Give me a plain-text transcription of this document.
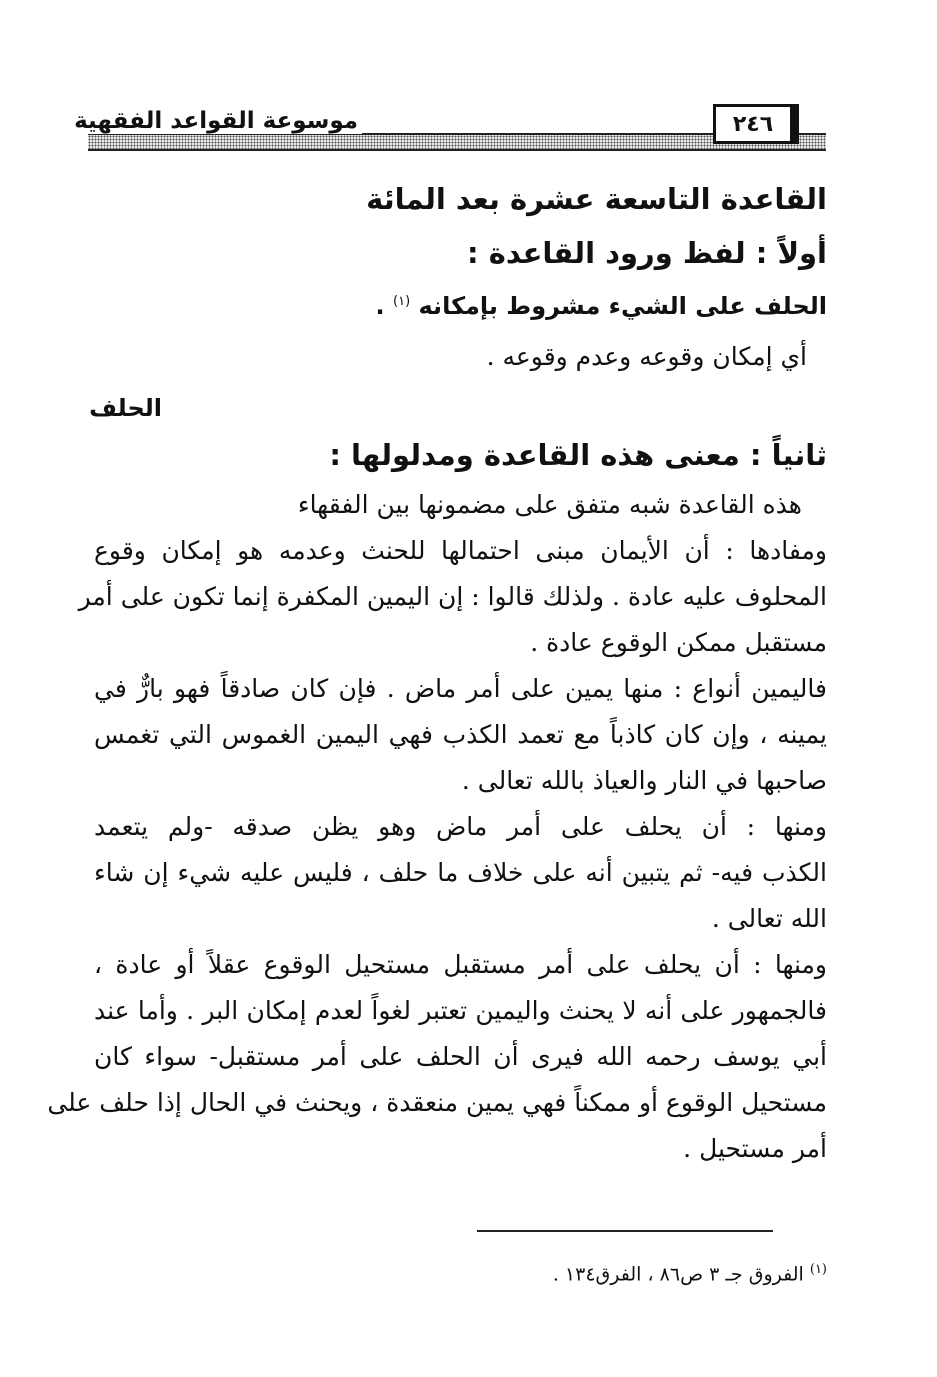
٢٤٦
موسوعة القواعد الفقهية
القاعدة التاسعة عشرة بعد المائة
أولاً : لفظ ورود القاعدة :
الحلف على الشيء مشروط بإمكانه $^{(١)}$ .
أي إمكان وقوعه وعدم وقوعه .
الحلف
ثانياً : معنى هذه القاعدة ومدلولها :
هذه القاعدة شبه متفق على مضمونها بين الفقهاء
ومفادها : أن الأيمان مبنى احتمالها للحنث وعدمه هو إمكان وقوع
المحلوف عليه عادة . ولذلك قالوا : إن اليمين المكفرة إنما تكون على أمر
مستقبل ممكن الوقوع عادة .
فاليمين أنواع : منها يمين على أمر ماض . فإن كان صادقاً فهو بارٌّ في
يمينه ، وإن كان كاذباً مع تعمد الكذب فهي اليمين الغموس التي تغمس
صاحبها في النار والعياذ بالله تعالى .
ومنها : أن يحلف على أمر ماض وهو يظن صدقه -ولم يتعمد
الكذب فيه- ثم يتبين أنه على خلاف ما حلف ، فليس عليه شيء إن شاء
الله تعالى .
ومنها : أن يحلف على أمر مستقبل مستحيل الوقوع عقلاً أو عادة ،
فالجمهور على أنه لا يحنث واليمين تعتبر لغواً لعدم إمكان البر . وأما عند
أبي يوسف رحمه الله فيرى أن الحلف على أمر مستقبل- سواء كان
مستحيل الوقوع أو ممكناً فهي يمين منعقدة ، ويحنث في الحال إذا حلف على
أمر مستحيل .
$^{(١)}$ الفروق جـ ٣ ص٨٦ ، الفرق١٣٤ .
